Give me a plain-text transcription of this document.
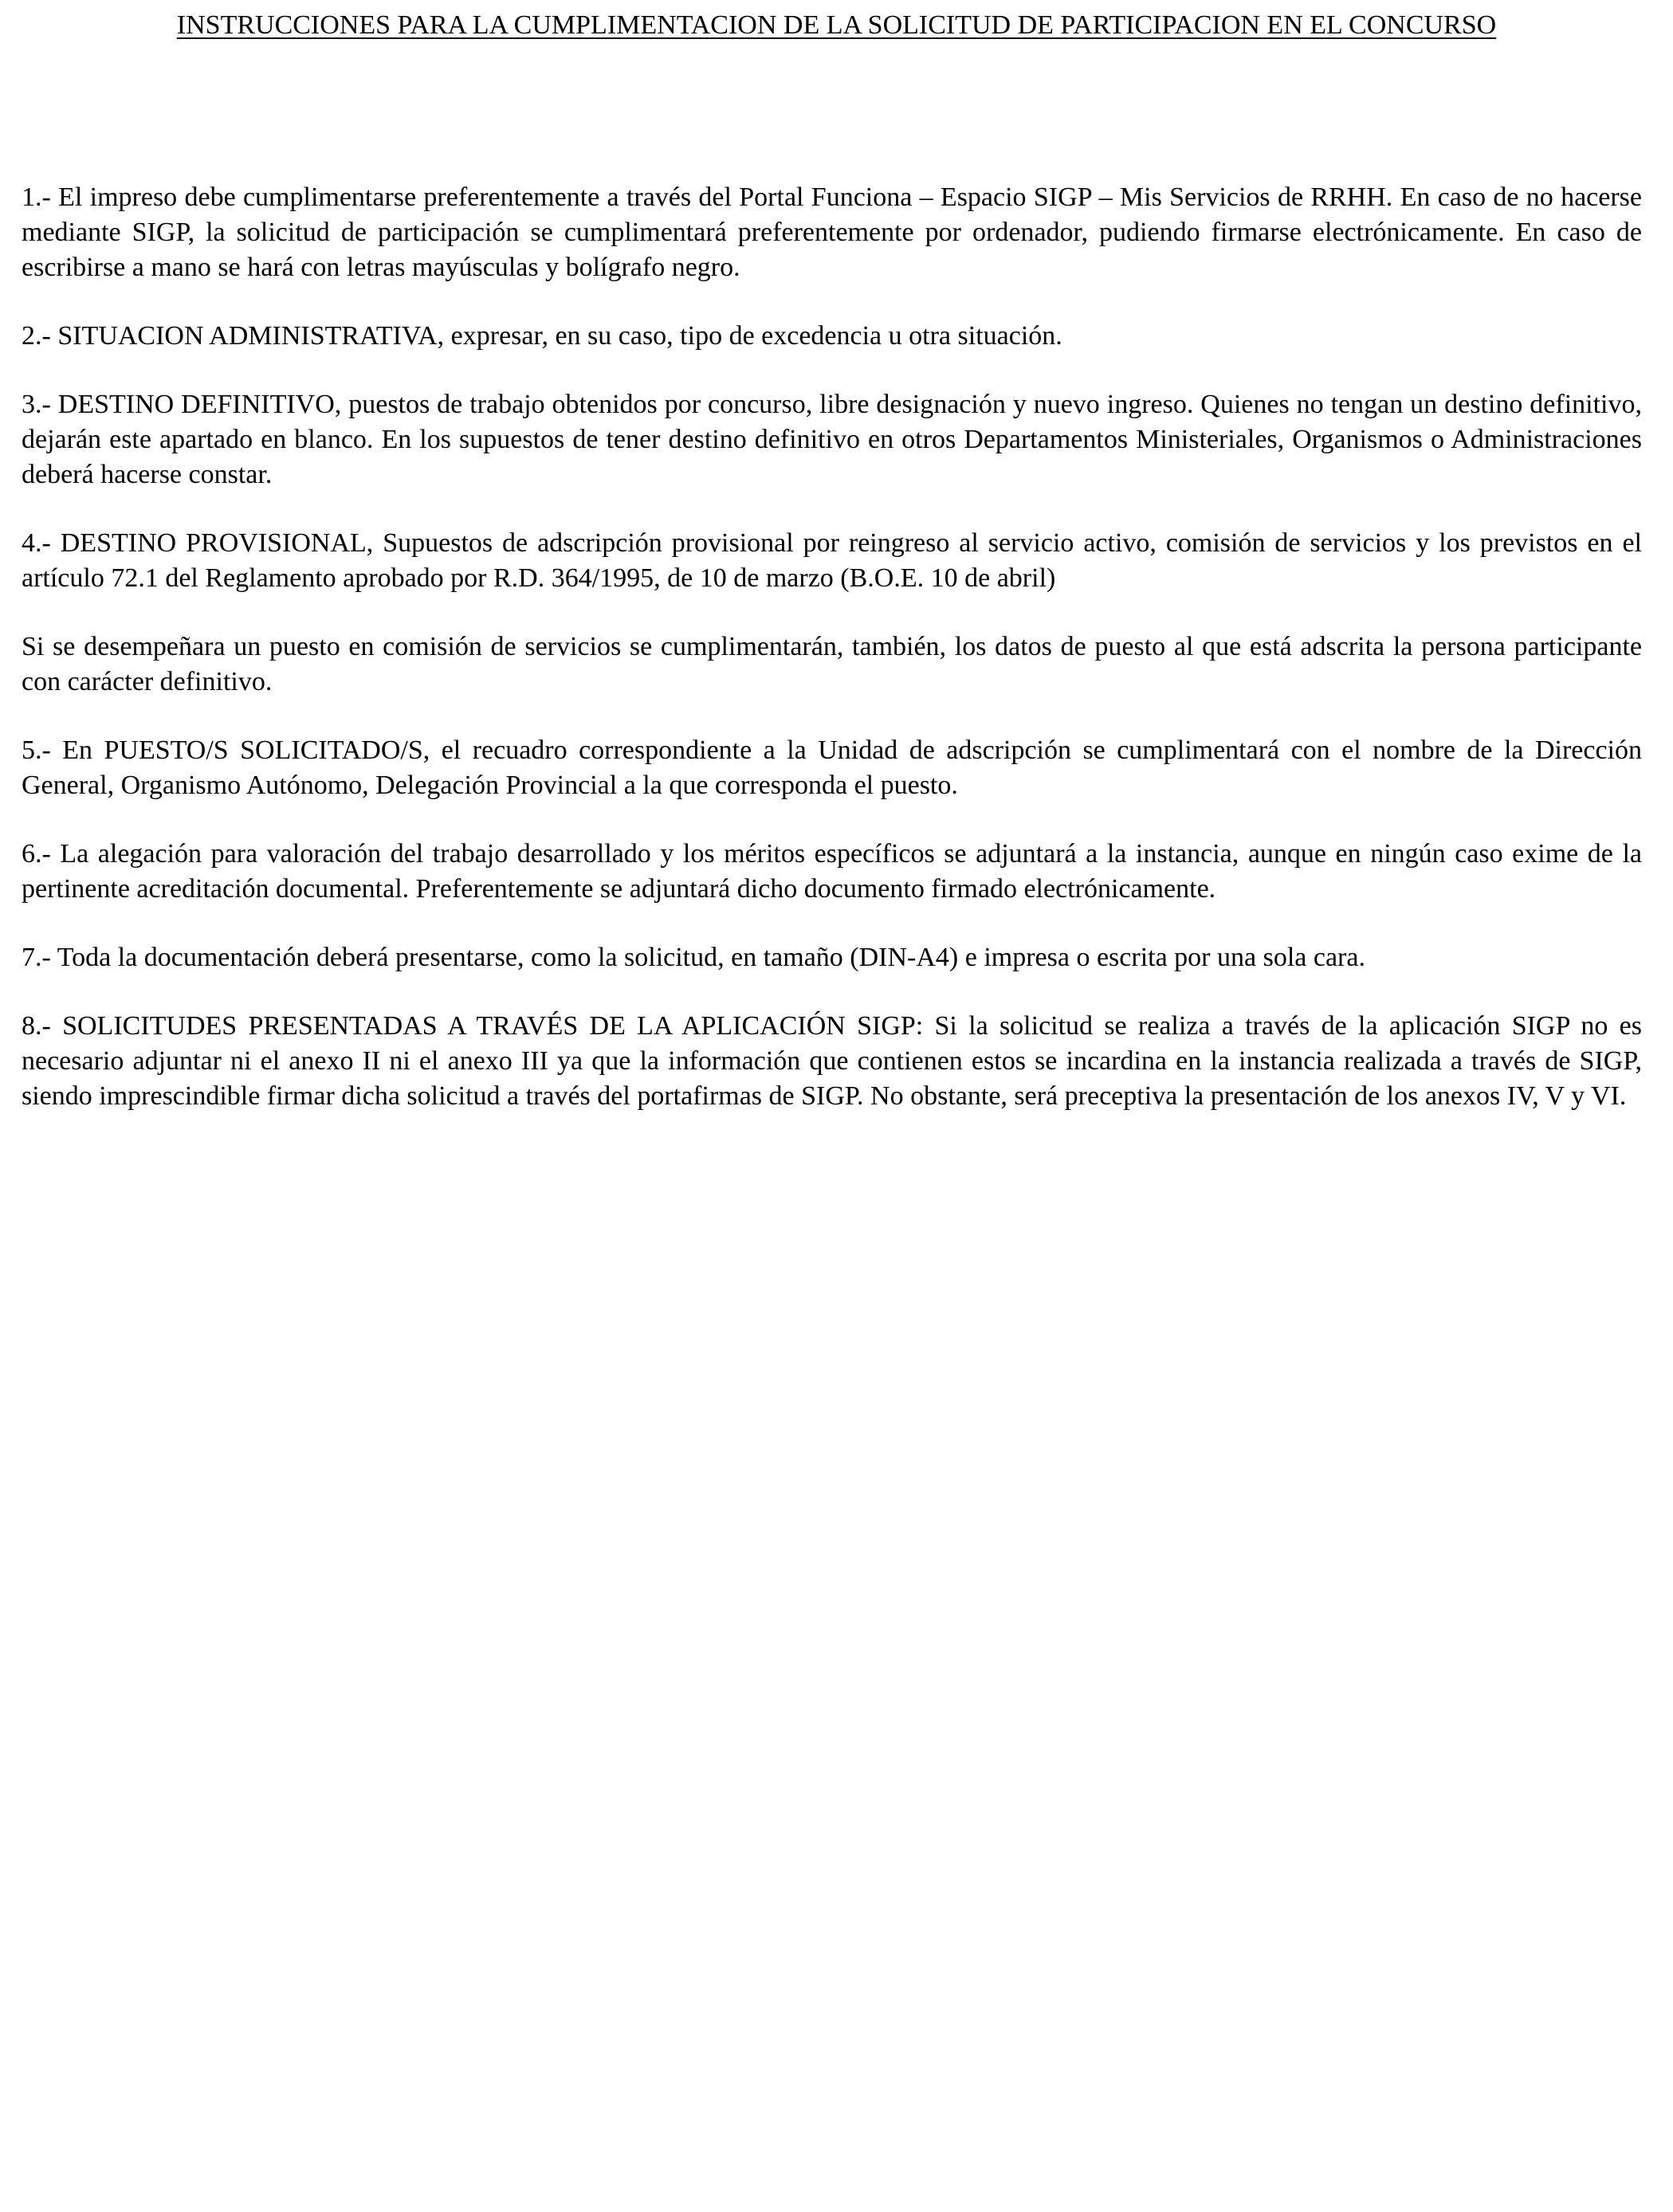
INSTRUCCIONES PARA LA CUMPLIMENTACION DE LA SOLICITUD DE PARTICIPACION EN EL CONCURSO

1.- El impreso debe cumplimentarse preferentemente a través del Portal Funciona – Espacio SIGP – Mis Servicios de RRHH. En caso de no hacerse mediante SIGP, la solicitud de participación se cumplimentará preferentemente por ordenador, pudiendo firmarse electrónicamente. En caso de escribirse a mano se hará con letras mayúsculas y bolígrafo negro.

2.- SITUACION ADMINISTRATIVA, expresar, en su caso, tipo de excedencia u otra situación.

3.- DESTINO DEFINITIVO, puestos de trabajo obtenidos por concurso, libre designación y nuevo ingreso. Quienes no tengan un destino definitivo, dejarán este apartado en blanco. En los supuestos de tener destino definitivo en otros Departamentos Ministeriales, Organismos o Administraciones deberá hacerse constar.

4.- DESTINO PROVISIONAL, Supuestos de adscripción provisional por reingreso al servicio activo, comisión de servicios y los previstos en el artículo 72.1 del Reglamento aprobado por R.D. 364/1995, de 10 de marzo (B.O.E. 10 de abril)

Si se desempeñara un puesto en comisión de servicios se cumplimentarán, también, los datos de puesto al que está adscrita la persona participante con carácter definitivo.

5.- En PUESTO/S SOLICITADO/S, el recuadro correspondiente a la Unidad de adscripción se cumplimentará con el nombre de la Dirección General, Organismo Autónomo, Delegación Provincial a la que corresponda el puesto.

6.- La alegación para valoración del trabajo desarrollado y los méritos específicos se adjuntará a la instancia, aunque en ningún caso exime de la pertinente acreditación documental. Preferentemente se adjuntará dicho documento firmado electrónicamente.

7.- Toda la documentación deberá presentarse, como la solicitud, en tamaño (DIN-A4) e impresa o escrita por una sola cara.

8.- SOLICITUDES PRESENTADAS A TRAVÉS DE LA APLICACIÓN SIGP: Si la solicitud se realiza a través de la aplicación SIGP no es necesario adjuntar ni el anexo II ni el anexo III ya que la información que contienen estos se incardina en la instancia realizada a través de SIGP, siendo imprescindible firmar dicha solicitud a través del portafirmas de SIGP. No obstante, será preceptiva la presentación de los anexos IV, V y VI.
